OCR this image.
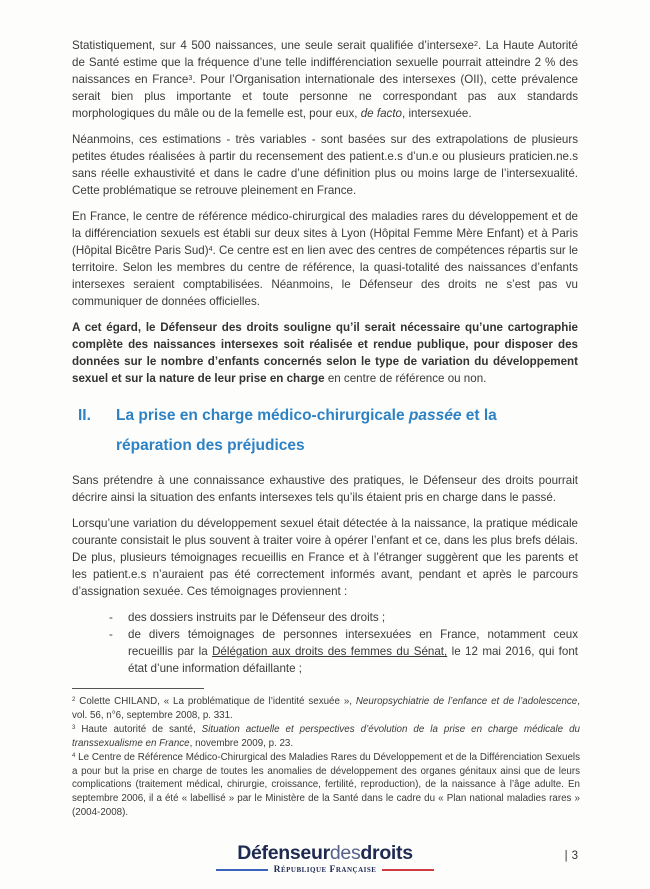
Statistiquement, sur 4 500 naissances, une seule serait qualifiée d’intersexe$^2$. La Haute Autorité de Santé estime que la fréquence d’une telle indifférenciation sexuelle pourrait atteindre 2 % des naissances en France$^3$. Pour l’Organisation internationale des intersexes (OII), cette prévalence serait bien plus importante et toute personne ne correspondant pas aux standards morphologiques du mâle ou de la femelle est, pour eux, de facto, intersexuée.

Néanmoins, ces estimations - très variables - sont basées sur des extrapolations de plusieurs petites études réalisées à partir du recensement des patient.e.s d’un.e ou plusieurs praticien.ne.s sans réelle exhaustivité et dans le cadre d’une définition plus ou moins large de l’intersexualité. Cette problématique se retrouve pleinement en France.

En France, le centre de référence médico-chirurgical des maladies rares du développement et de la différenciation sexuels est établi sur deux sites à Lyon (Hôpital Femme Mère Enfant) et à Paris (Hôpital Bicêtre Paris Sud)$^4$. Ce centre est en lien avec des centres de compétences répartis sur le territoire. Selon les membres du centre de référence, la quasi-totalité des naissances d’enfants intersexes seraient comptabilisées. Néanmoins, le Défenseur des droits ne s’est pas vu communiquer de données officielles.

A cet égard, le Défenseur des droits souligne qu’il serait nécessaire qu’une cartographie complète des naissances intersexes soit réalisée et rendue publique, pour disposer des données sur le nombre d’enfants concernés selon le type de variation du développement sexuel et sur la nature de leur prise en charge en centre de référence ou non.

II.	La prise en charge médico-chirurgicale passée et la réparation des préjudices

Sans prétendre à une connaissance exhaustive des pratiques, le Défenseur des droits pourrait décrire ainsi la situation des enfants intersexes tels qu’ils étaient pris en charge dans le passé.

Lorsqu’une variation du développement sexuel était détectée à la naissance, la pratique médicale courante consistait le plus souvent à traiter voire à opérer l’enfant et ce, dans les plus brefs délais. De plus, plusieurs témoignages recueillis en France et à l’étranger suggèrent que les parents et les patient.e.s n’auraient pas été correctement informés avant, pendant et après le parcours d’assignation sexuée. Ces témoignages proviennent :

-	des dossiers instruits par le Défenseur des droits ;
-	de divers témoignages de personnes intersexuées en France, notamment ceux recueillis par la Délégation aux droits des femmes du Sénat, le 12 mai 2016, qui font état d’une information défaillante ;

$^2$ Colette CHILAND, « La problématique de l’identité sexuée », Neuropsychiatrie de l’enfance et de l’adolescence, vol. 56, n°6, septembre 2008, p. 331.

$^3$ Haute autorité de santé, Situation actuelle et perspectives d’évolution de la prise en charge médicale du transsexualisme en France, novembre 2009, p. 23.

$^4$ Le Centre de Référence Médico-Chirurgical des Maladies Rares du Développement et de la Différenciation Sexuels a pour but la prise en charge de toutes les anomalies de développement des organes génitaux ainsi que de leurs complications (traitement médical, chirurgie, croissance, fertilité, reproduction), de la naissance à l’âge adulte. En septembre 2006, il a été « labellisé » par le Ministère de la Santé dans le cadre du « Plan national maladies rares » (2004-2008).

Défenseurdesdroits
République Française
| 3
